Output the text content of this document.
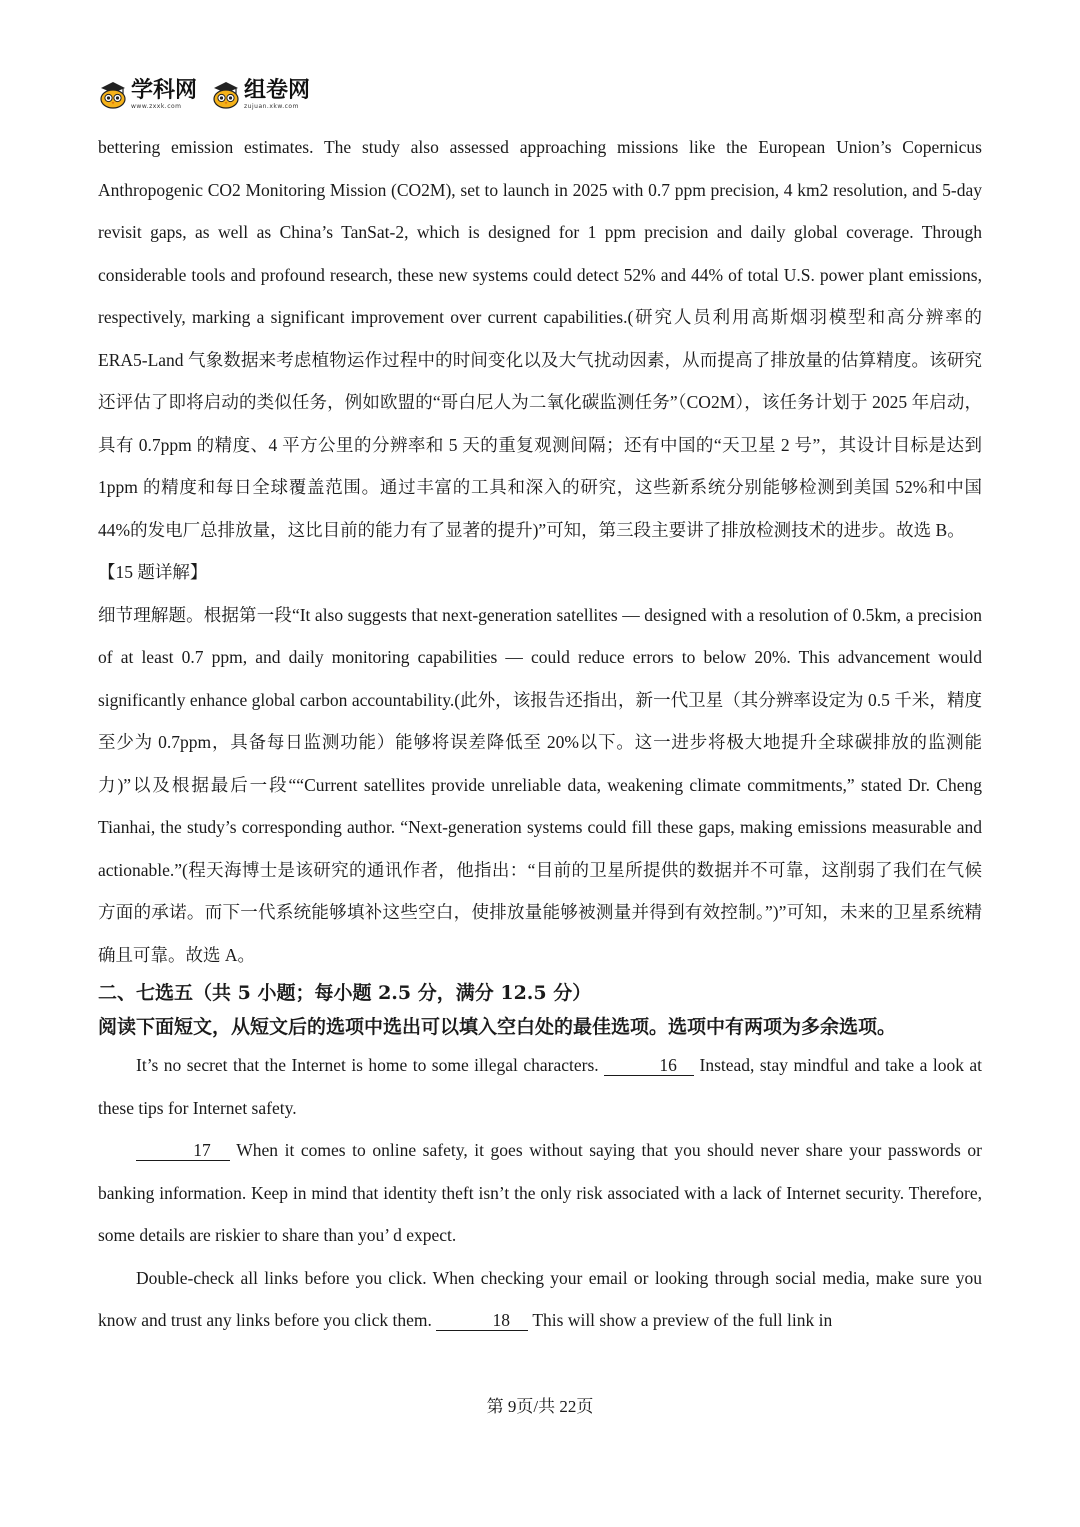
学科网
www.zxxk.com
组卷网
zujuan.xkw.com

bettering emission estimates. The study also assessed approaching missions like the European Union’s Copernicus Anthropogenic CO2 Monitoring Mission (CO2M), set to launch in 2025 with 0.7 ppm precision, 4 km2 resolution, and 5-day revisit gaps, as well as China’s TanSat-2, which is designed for 1 ppm precision and daily global coverage. Through considerable tools and profound research, these new systems could detect 52% and 44% of total U.S. power plant emissions, respectively, marking a significant improvement over current capabilities.(研究人员利用高斯烟羽模型和高分辨率的 ERA5-Land 气象数据来考虑植物运作过程中的时间变化以及大气扰动因素，从而提高了排放量的估算精度。该研究还评估了即将启动的类似任务，例如欧盟的“哥白尼人为二氧化碳监测任务”（CO2M），该任务计划于 2025 年启动，具有 0.7ppm 的精度、4 平方公里的分辨率和 5 天的重复观测间隔；还有中国的“天卫星 2 号”，其设计目标是达到 1ppm 的精度和每日全球覆盖范围。通过丰富的工具和深入的研究，这些新系统分别能够检测到美国 52%和中国 44%的发电厂总排放量，这比目前的能力有了显著的提升)”可知，第三段主要讲了排放检测技术的进步。故选 B。

【15 题详解】

细节理解题。根据第一段“It also suggests that next-generation satellites — designed with a resolution of 0.5km, a precision of at least 0.7 ppm, and daily monitoring capabilities — could reduce errors to below 20%. This advancement would significantly enhance global carbon accountability.(此外，该报告还指出，新一代卫星（其分辨率设定为 0.5 千米，精度至少为 0.7ppm，具备每日监测功能）能够将误差降低至 20%以下。这一进步将极大地提升全球碳排放的监测能力)”以及根据最后一段““Current satellites provide unreliable data, weakening climate commitments,” stated Dr. Cheng Tianhai, the study’s corresponding author. “Next-generation systems could fill these gaps, making emissions measurable and actionable.”(程天海博士是该研究的通讯作者，他指出：“目前的卫星所提供的数据并不可靠，这削弱了我们在气候方面的承诺。而下一代系统能够填补这些空白，使排放量能够被测量并得到有效控制。”)”可知，未来的卫星系统精确且可靠。故选 A。

二、七选五（共 5 小题；每小题 2.5 分，满分 12.5 分）

阅读下面短文，从短文后的选项中选出可以填入空白处的最佳选项。选项中有两项为多余选项。

It’s no secret that the Internet is home to some illegal characters.	16 Instead, stay mindful and take a look at these tips for Internet safety.

17 When it comes to online safety, it goes without saying that you should never share your passwords or banking information. Keep in mind that identity theft isn’t the only risk associated with a lack of Internet security. Therefore, some details are riskier to share than you’ d expect.

Double-check all links before you click. When checking your email or looking through social media, make sure you know and trust any links before you click them.	18 This will show a preview of the full link in

第 9页/共 22页
